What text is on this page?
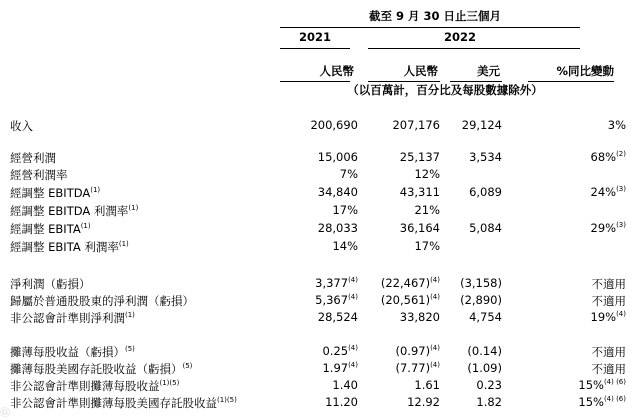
截至 9 月 30 日止三個月
2021	2022
人民幣	人民幣	美元	%同比變動
（以百萬計，百分比及每股數據除外）
收入	200,690	207,176	29,124	3%
經營利潤	15,006	25,137	3,534	68%$^{(2)}$
經營利潤率	7%	12%
經調整 EBITDA$^{(1)}$	34,840	43,311	6,089	24%$^{(3)}$
經調整 EBITDA 利潤率$^{(1)}$	17%	21%
經調整 EBITA$^{(1)}$	28,033	36,164	5,084	29%$^{(3)}$
經調整 EBITA 利潤率$^{(1)}$	14%	17%
淨利潤（虧損）	3,377$^{(4)}$	$(22,467)^{(4)}$	(3,158)	不適用
歸屬於普通股股東的淨利潤（虧損）	5,367$^{(4)}$	$(20,561)^{(4)}$	(2,890)	不適用
非公認會計準則淨利潤$^{(1)}$	28,524	33,820	4,754	19%$^{(4)}$
攤薄每股收益（虧損）$^{(5)}$	0.25$^{(4)}$	$(0.97)^{(4)}$	(0.14)	不適用
攤薄每股美國存託股收益（虧損）$^{(5)}$	1.97$^{(4)}$	$(7.77)^{(4)}$	(1.09)	不適用
非公認會計準則攤薄每股收益$^{(1)(5)}$	1.40	1.61	0.23	15%$^{(4) (6)}$
非公認會計準則攤薄每股美國存託股收益$^{(1)(5)}$	11.20	12.92	1.82	15%$^{(4) (6)}$
Ⓖ
